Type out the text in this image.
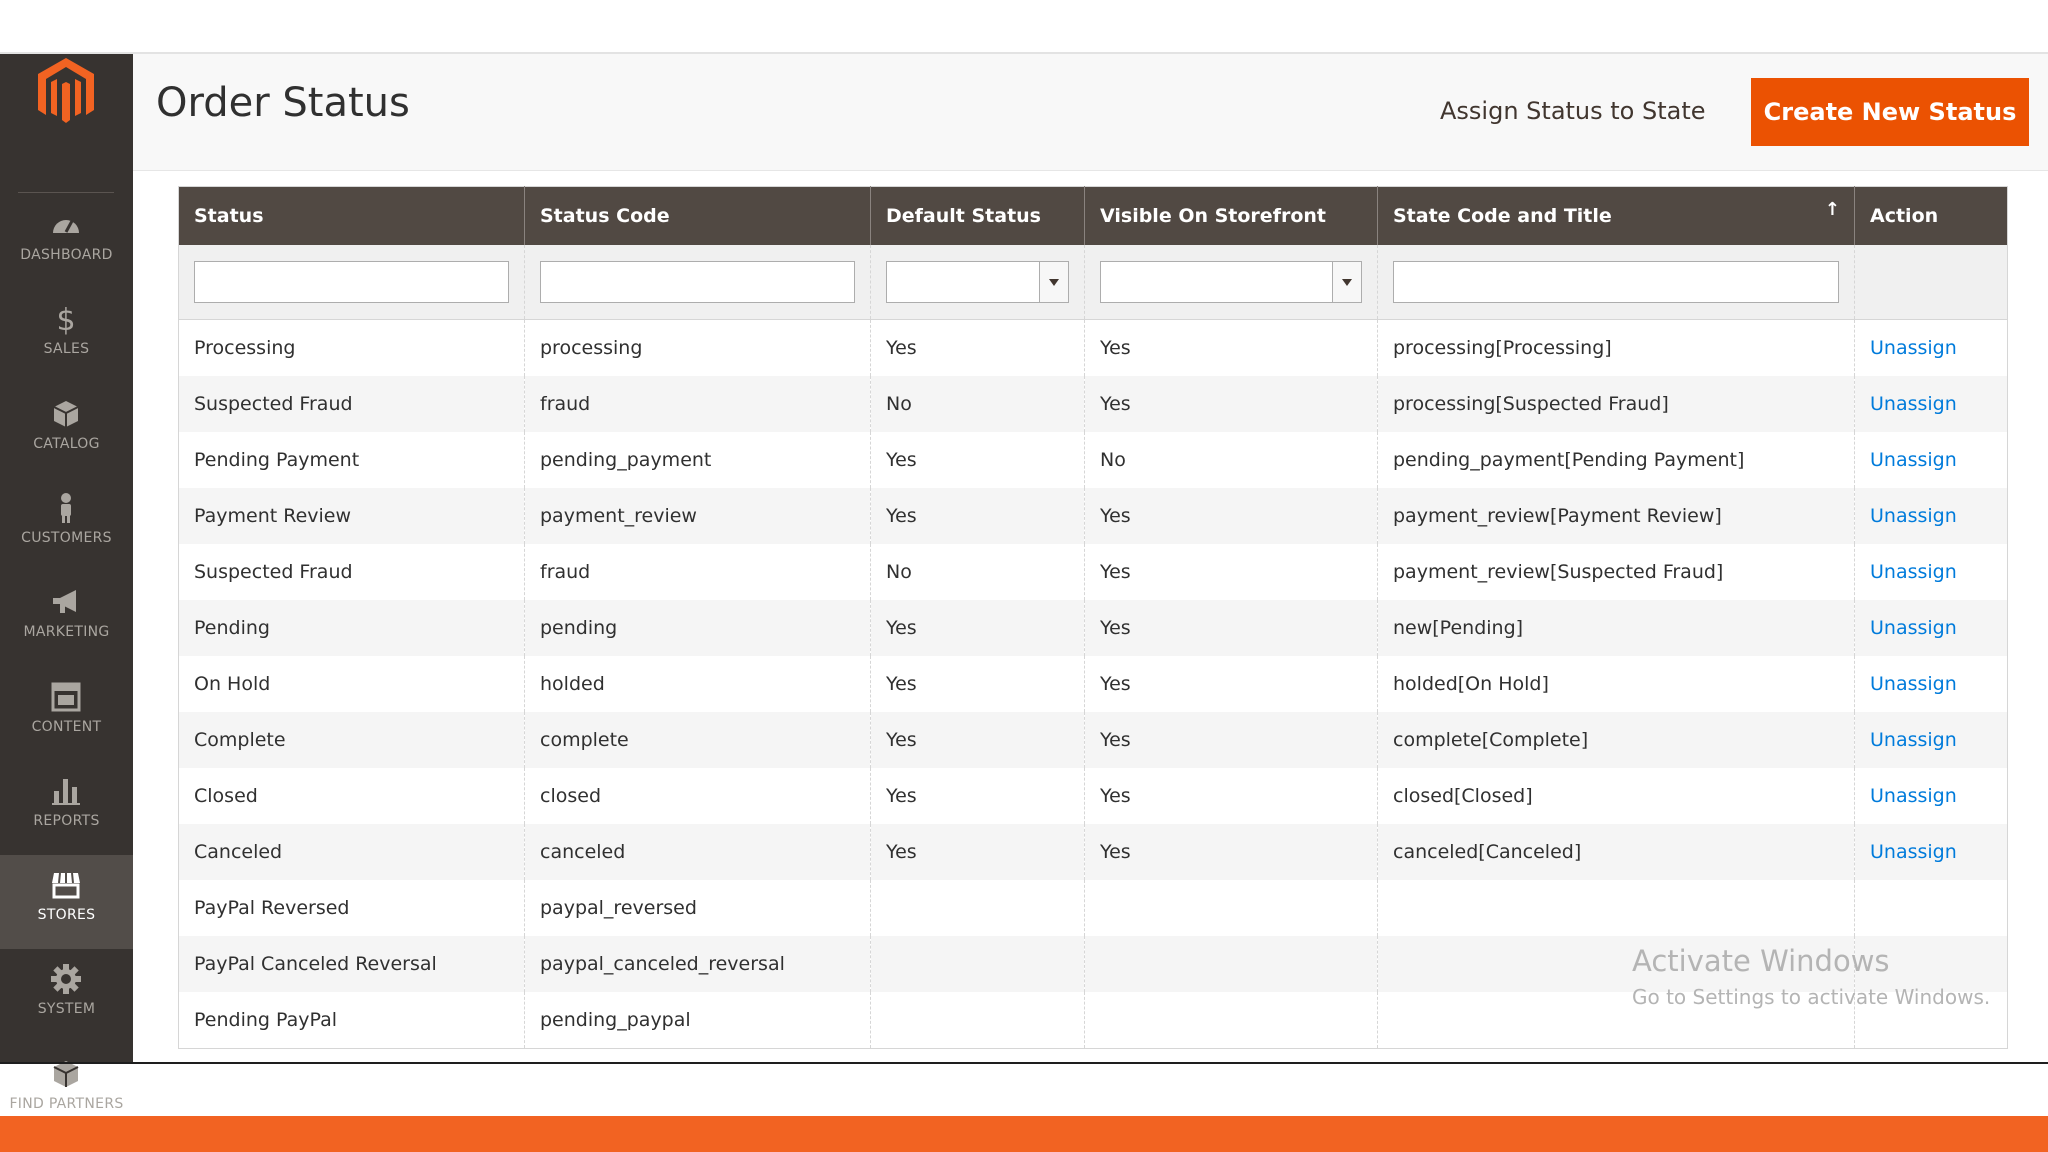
DASHBOARD
$
SALES
CATALOG
CUSTOMERS
MARKETING
CONTENT
REPORTS
STORES
SYSTEM
FIND PARTNERS
Order Status	Assign Status to State	Create New Status
Status	Status Code	Default Status	Visible On Storefront	State Code and Title ↑	Action

Processing	processing	Yes	Yes	processing[Processing]	Unassign
Suspected Fraud	fraud	No	Yes	processing[Suspected Fraud]	Unassign
Pending Payment	pending_payment	Yes	No	pending_payment[Pending Payment]	Unassign
Payment Review	payment_review	Yes	Yes	payment_review[Payment Review]	Unassign
Suspected Fraud	fraud	No	Yes	payment_review[Suspected Fraud]	Unassign
Pending	pending	Yes	Yes	new[Pending]	Unassign
On Hold	holded	Yes	Yes	holded[On Hold]	Unassign
Complete	complete	Yes	Yes	complete[Complete]	Unassign
Closed	closed	Yes	Yes	closed[Closed]	Unassign
Canceled	canceled	Yes	Yes	canceled[Canceled]	Unassign
PayPal Reversed	paypal_reversed				
PayPal Canceled Reversal	paypal_canceled_reversal				
Pending PayPal	pending_paypal				
Activate Windows
Go to Settings to activate Windows.
